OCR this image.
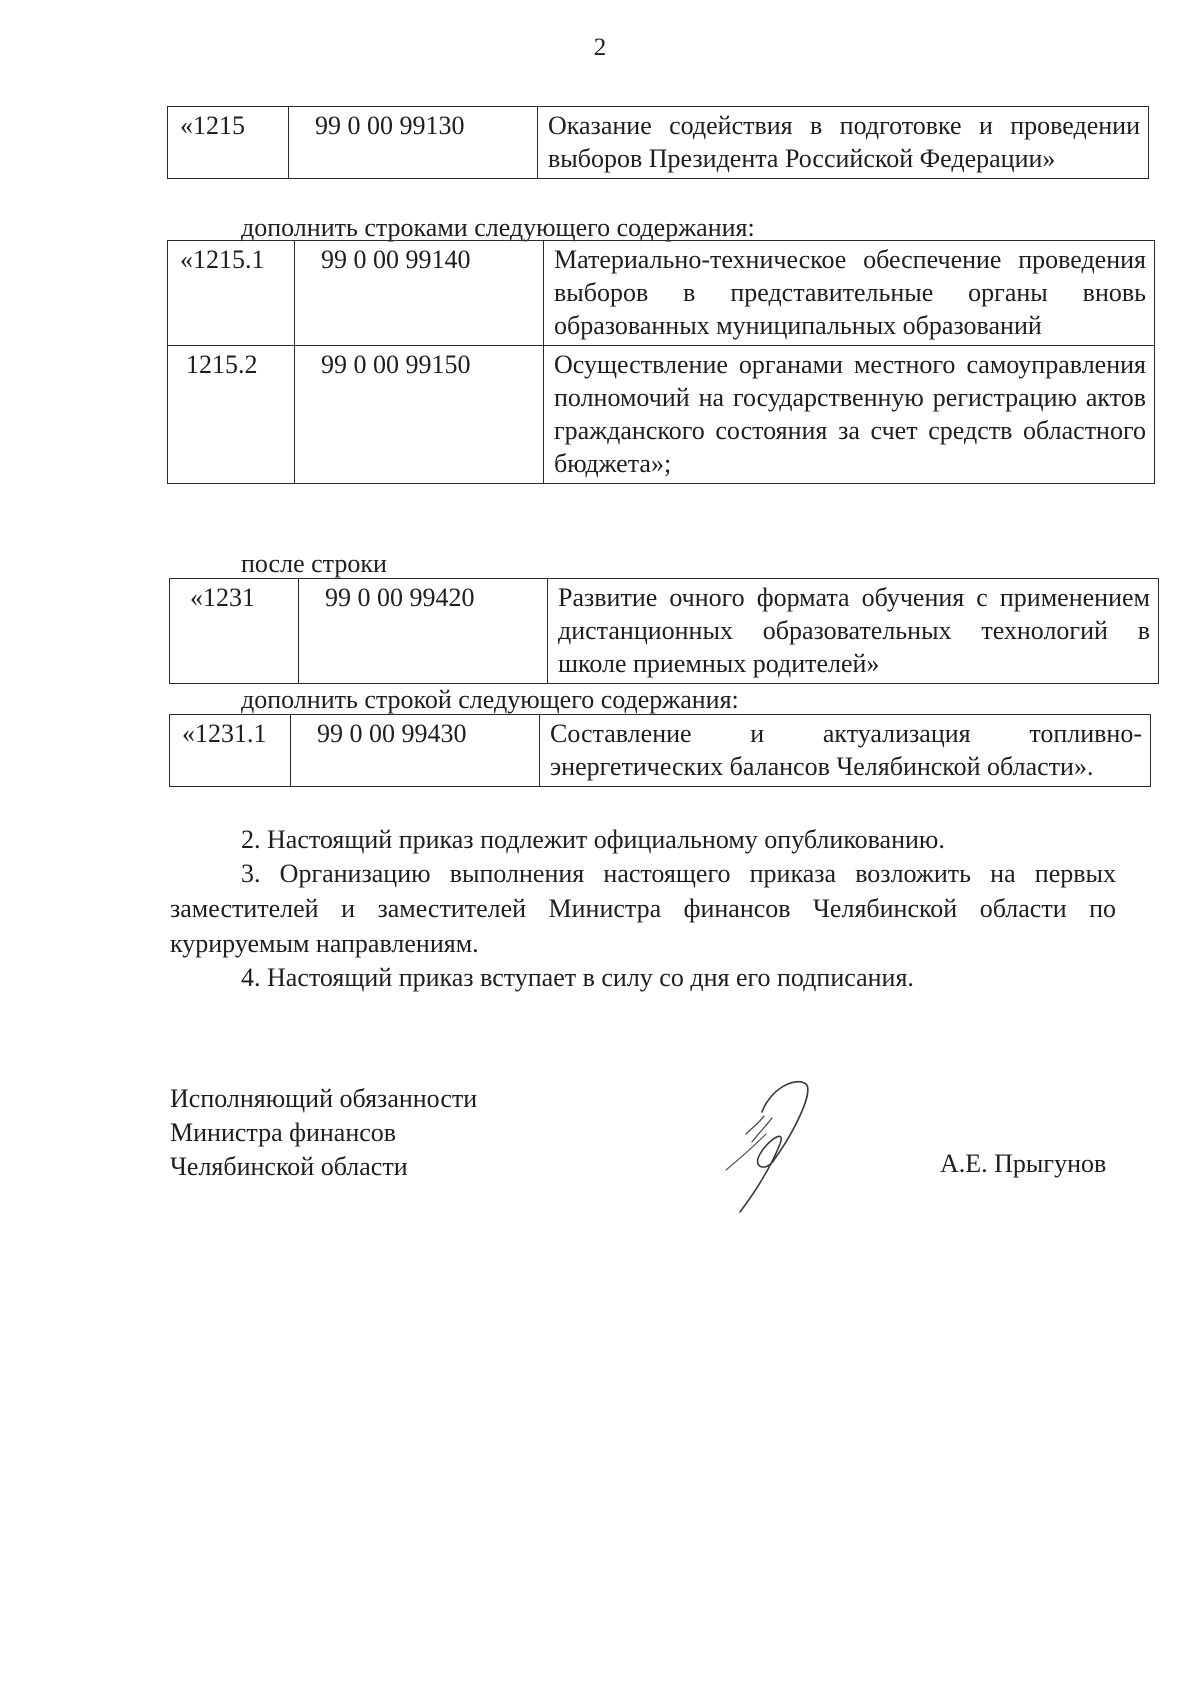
2
«1215	99 0 00 99130	Оказание содействия в подготовке и проведении выборов Президента Российской Федерации»
дополнить строками следующего содержания:
«1215.1	99 0 00 99140	Материально-техническое обеспечение проведения выборов в представительные органы вновь образованных муниципальных образований
1215.2	99 0 00 99150	Осуществление органами местного самоуправления полномочий на государственную регистрацию актов гражданского состояния за счет средств областного бюджета»;
после строки
«1231	99 0 00 99420	Развитие очного формата обучения с применением дистанционных образовательных технологий в школе приемных родителей»
дополнить строкой следующего содержания:
«1231.1	99 0 00 99430	Составление и актуализация топливно-энергетических балансов Челябинской области».
2. Настоящий приказ подлежит официальному опубликованию.
3. Организацию выполнения настоящего приказа возложить на первых заместителей и заместителей Министра финансов Челябинской области по курируемым направлениям.
4. Настоящий приказ вступает в силу со дня его подписания.
Исполняющий обязанности
Министра финансов
Челябинской области	А.Е. Прыгунов
